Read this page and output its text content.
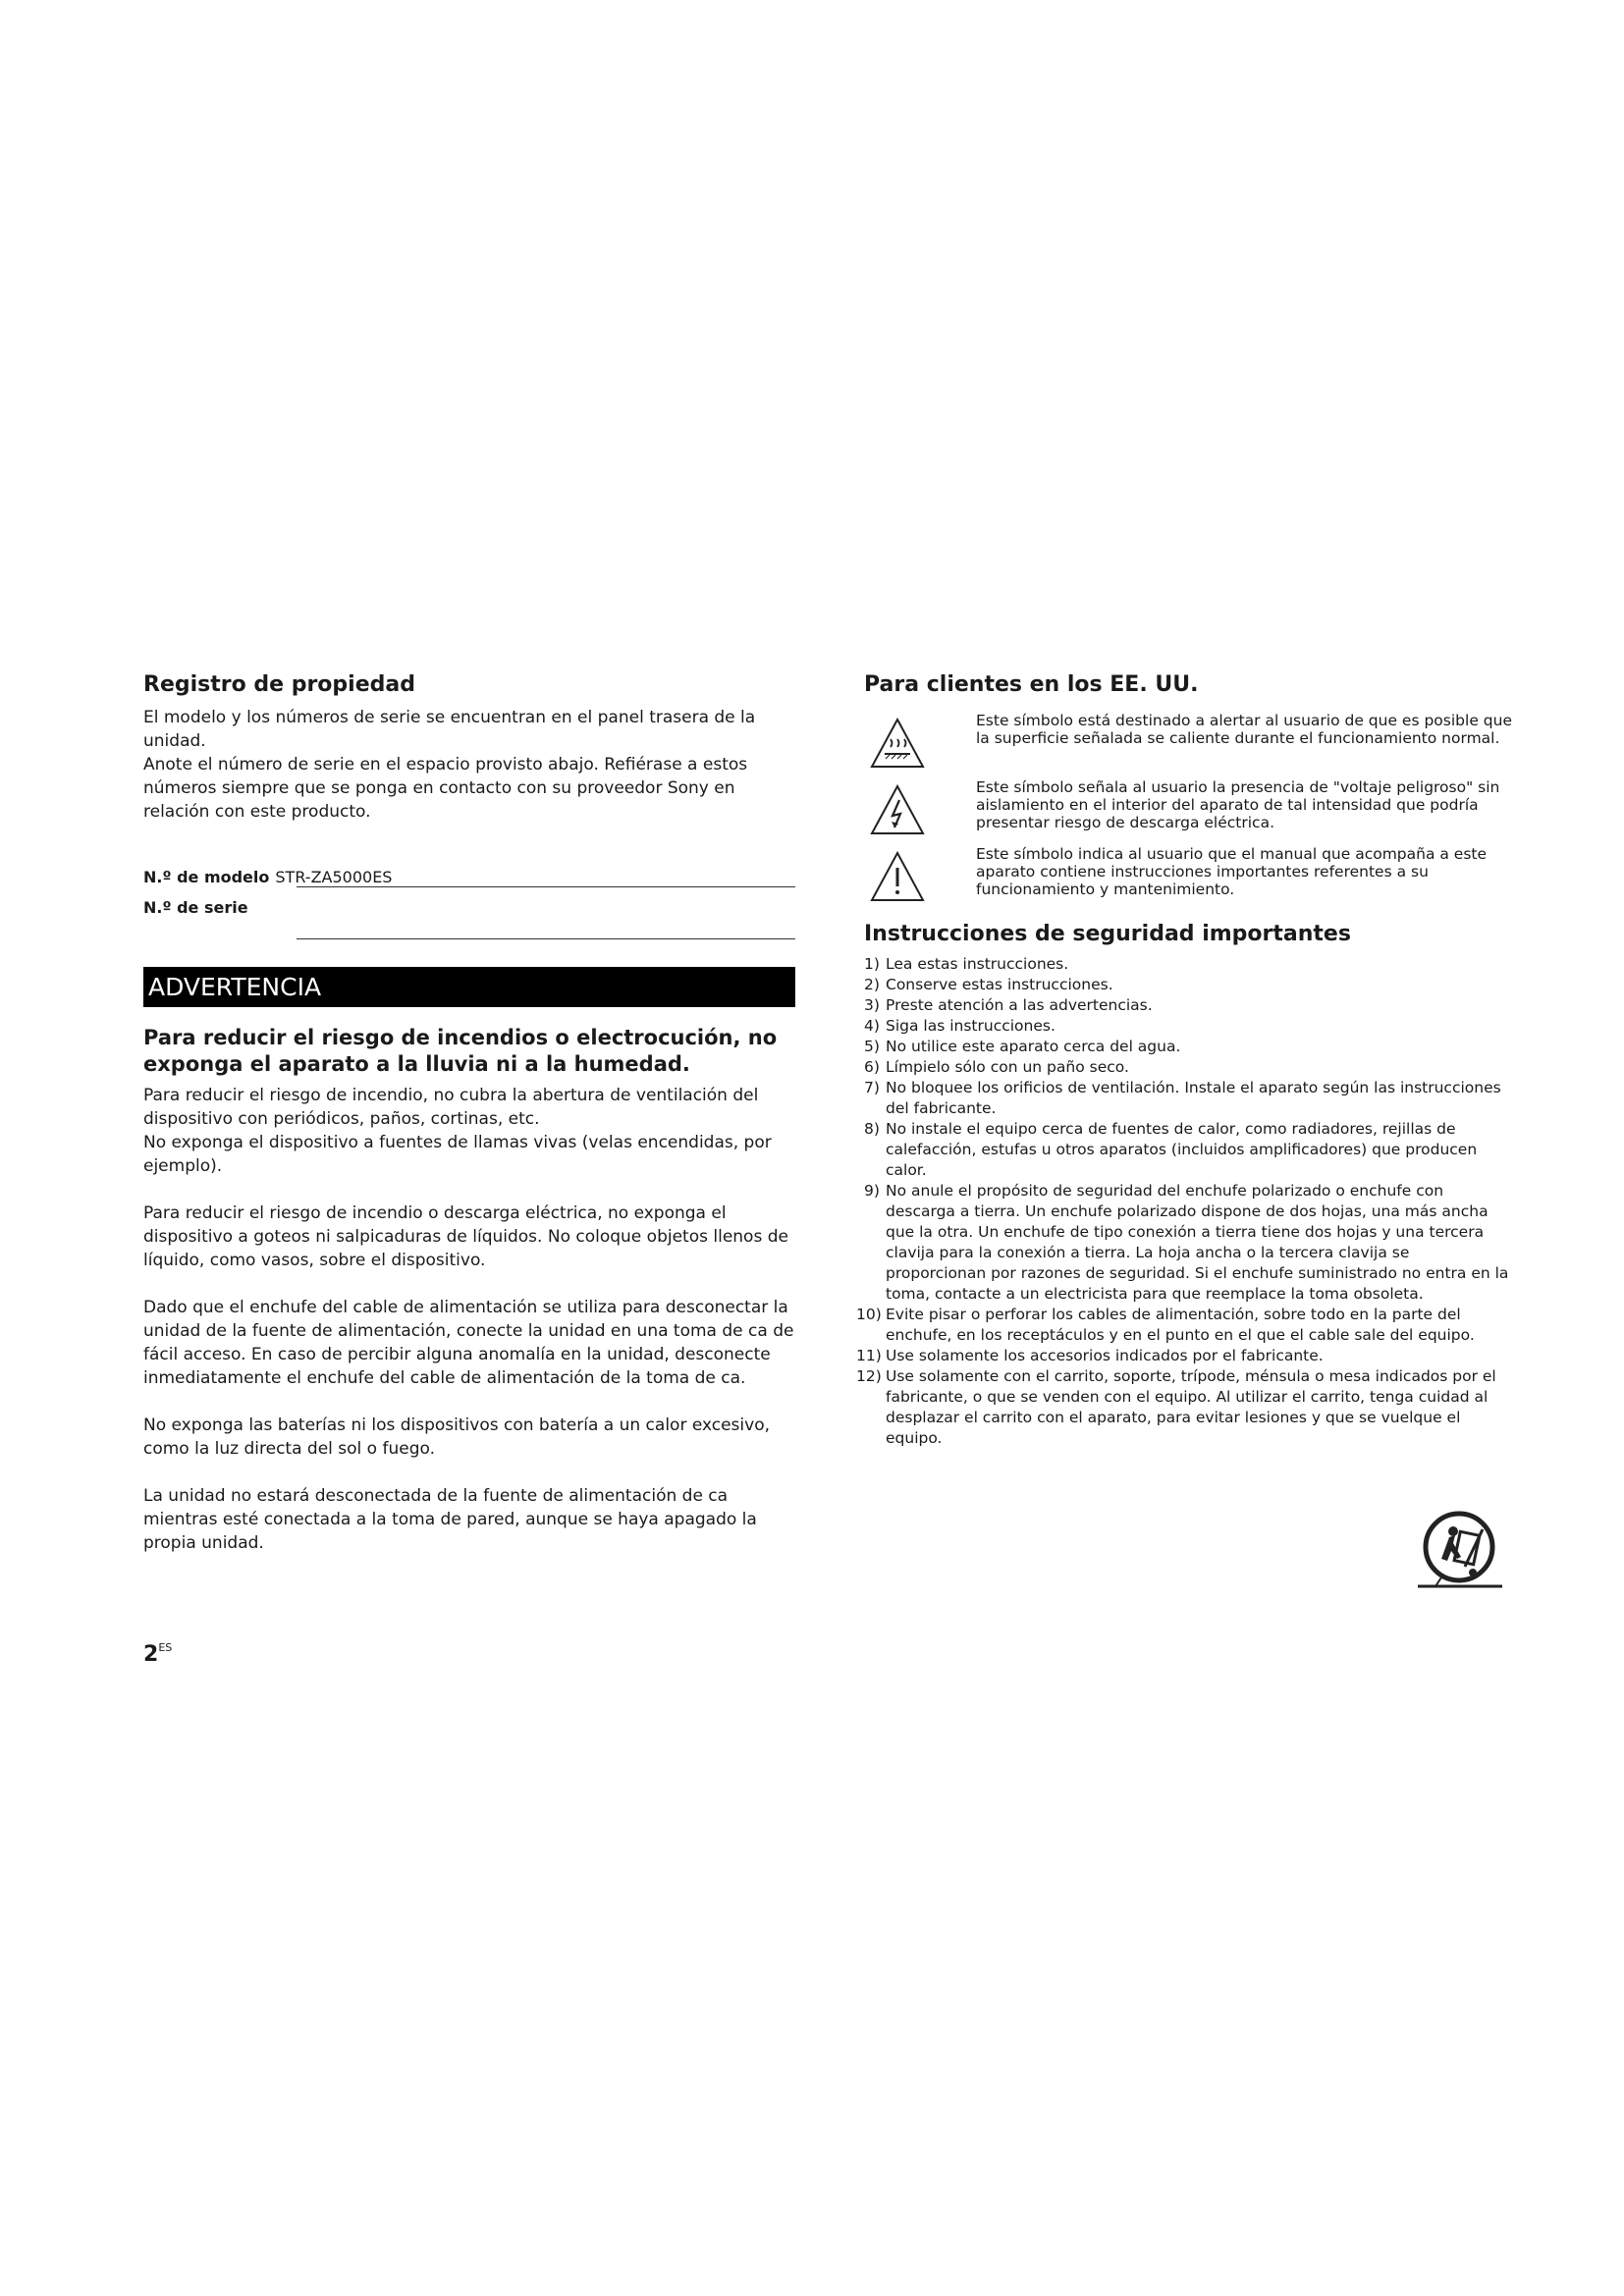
Registro de propiedad

El modelo y los números de serie se encuentran en el panel trasera de la unidad.

Anote el número de serie en el espacio provisto abajo. Refiérase a estos números siempre que se ponga en contacto con su proveedor Sony en relación con este producto.

N.º de modelo STR-ZA5000ES
N.º de serie
ADVERTENCIA
Para reducir el riesgo de incendios o electrocución, no exponga el aparato a la lluvia ni a la humedad.

Para reducir el riesgo de incendio, no cubra la abertura de ventilación del dispositivo con periódicos, paños, cortinas, etc.

No exponga el dispositivo a fuentes de llamas vivas (velas encendidas, por ejemplo).

Para reducir el riesgo de incendio o descarga eléctrica, no exponga el dispositivo a goteos ni salpicaduras de líquidos. No coloque objetos llenos de líquido, como vasos, sobre el dispositivo.

Dado que el enchufe del cable de alimentación se utiliza para desconectar la unidad de la fuente de alimentación, conecte la unidad en una toma de ca de fácil acceso. En caso de percibir alguna anomalía en la unidad, desconecte inmediatamente el enchufe del cable de alimentación de la toma de ca.

No exponga las baterías ni los dispositivos con batería a un calor excesivo, como la luz directa del sol o fuego.

La unidad no estará desconectada de la fuente de alimentación de ca mientras esté conectada a la toma de pared, aunque se haya apagado la propia unidad.

Para clientes en los EE. UU.
Este símbolo está destinado a alertar al usuario de que es posible que la superficie señalada se caliente durante el funcionamiento normal.
Este símbolo señala al usuario la presencia de "voltaje peligroso" sin aislamiento en el interior del aparato de tal intensidad que podría presentar riesgo de descarga eléctrica.
Este símbolo indica al usuario que el manual que acompaña a este aparato contiene instrucciones importantes referentes a su funcionamiento y mantenimiento.
Instrucciones de seguridad importantes
1) Lea estas instrucciones.
2) Conserve estas instrucciones.
3) Preste atención a las advertencias.
4) Siga las instrucciones.
5) No utilice este aparato cerca del agua.
6) Límpielo sólo con un paño seco.
7) No bloquee los orificios de ventilación. Instale el aparato según las instrucciones del fabricante.
8) No instale el equipo cerca de fuentes de calor, como radiadores, rejillas de calefacción, estufas u otros aparatos (incluidos amplificadores) que producen calor.
9) No anule el propósito de seguridad del enchufe polarizado o enchufe con descarga a tierra. Un enchufe polarizado dispone de dos hojas, una más ancha que la otra. Un enchufe de tipo conexión a tierra tiene dos hojas y una tercera clavija para la conexión a tierra. La hoja ancha o la tercera clavija se proporcionan por razones de seguridad. Si el enchufe suministrado no entra en la toma, contacte a un electricista para que reemplace la toma obsoleta.
10) Evite pisar o perforar los cables de alimentación, sobre todo en la parte del enchufe, en los receptáculos y en el punto en el que el cable sale del equipo.
11) Use solamente los accesorios indicados por el fabricante.
12) Use solamente con el carrito, soporte, trípode, ménsula o mesa indicados por el fabricante, o que se venden con el equipo. Al utilizar el carrito, tenga cuidad al desplazar el carrito con el aparato, para evitar lesiones y que se vuelque el equipo.
$2^{ES}$
